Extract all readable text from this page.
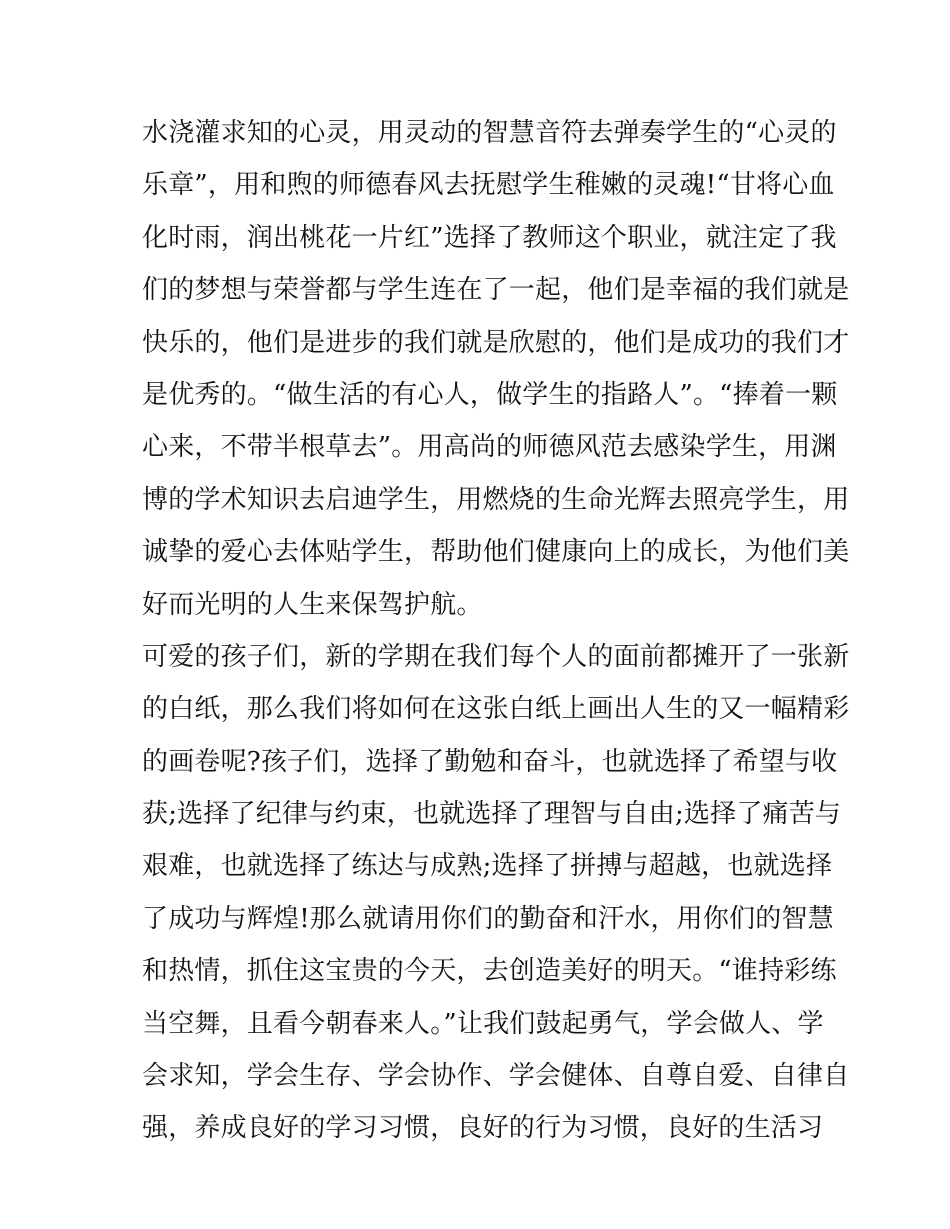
水浇灌求知的心灵，用灵动的智慧音符去弹奏学生的“心灵的
乐章”，用和煦的师德春风去抚慰学生稚嫩的灵魂!“甘将心血
化时雨，润出桃花一片红”选择了教师这个职业，就注定了我
们的梦想与荣誉都与学生连在了一起，他们是幸福的我们就是
快乐的，他们是进步的我们就是欣慰的，他们是成功的我们才
是优秀的。“做生活的有心人，做学生的指路人”。“捧着一颗
心来，不带半根草去”。用高尚的师德风范去感染学生，用渊
博的学术知识去启迪学生，用燃烧的生命光辉去照亮学生，用
诚挚的爱心去体贴学生，帮助他们健康向上的成长，为他们美
好而光明的人生来保驾护航。
可爱的孩子们，新的学期在我们每个人的面前都摊开了一张新
的白纸，那么我们将如何在这张白纸上画出人生的又一幅精彩
的画卷呢?孩子们，选择了勤勉和奋斗，也就选择了希望与收
获;选择了纪律与约束，也就选择了理智与自由;选择了痛苦与
艰难，也就选择了练达与成熟;选择了拼搏与超越，也就选择
了成功与辉煌!那么就请用你们的勤奋和汗水，用你们的智慧
和热情，抓住这宝贵的今天，去创造美好的明天。“谁持彩练
当空舞，且看今朝春来人。”让我们鼓起勇气，学会做人、学
会求知，学会生存、学会协作、学会健体、自尊自爱、自律自
强，养成良好的学习习惯，良好的行为习惯，良好的生活习
